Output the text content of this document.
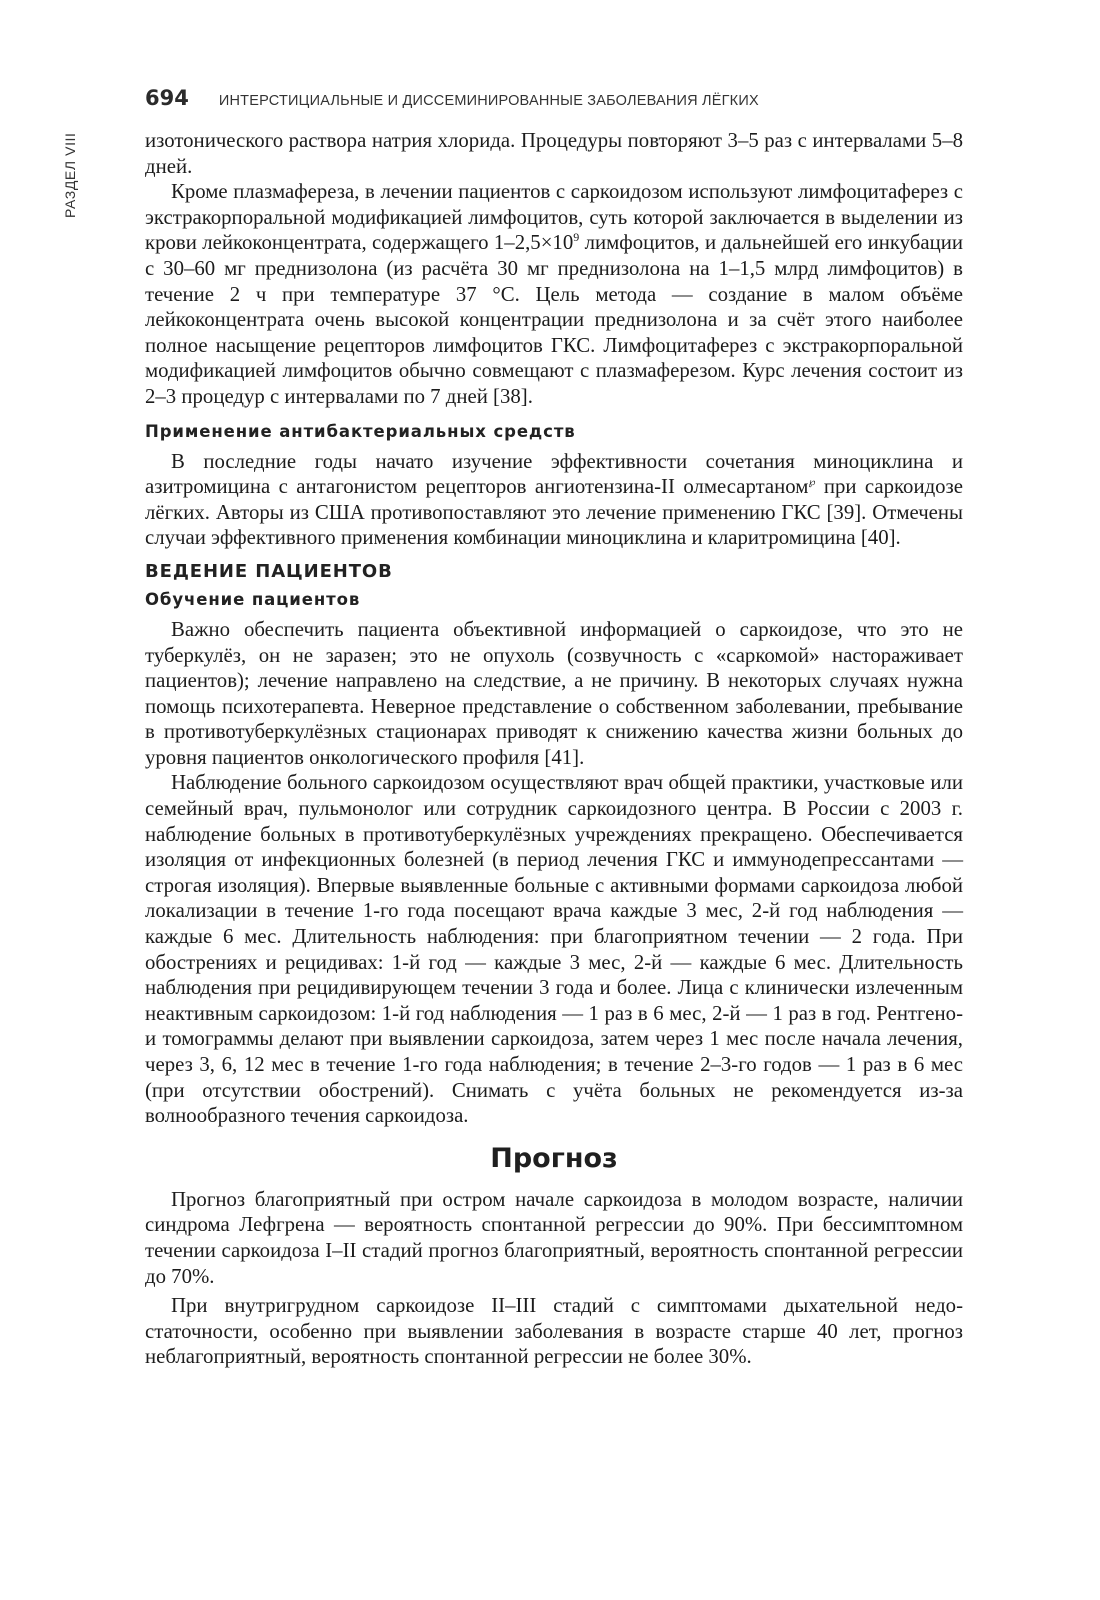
РАЗДЕЛ VIII
694 ИНТЕРСТИЦИАЛЬНЫЕ И ДИССЕМИНИРОВАННЫЕ ЗАБОЛЕВАНИЯ ЛЁГКИХ

изотонического раствора натрия хлорида. Процедуры повторяют 3–5 раз с интервалами 5–8 дней.

Кроме плазмафереза, в лечении пациентов с саркоидозом используют лимфоцитаферез с экстракорпоральной модификацией лимфоцитов, суть которой заключается в выделении из крови лейкоконцентрата, содержащего $1-2,5\times 10^9$ лимфоцитов, и дальнейшей его инкубации с 30–60 мг преднизолона (из расчёта 30 мг преднизолона на 1–1,5 млрд лимфоцитов) в течение 2 ч при температуре 37 °С. Цель метода — создание в малом объёме лейкоконцентрата очень высокой концентрации преднизолона и за счёт этого наиболее полное насыщение рецепторов лимфоцитов ГКС. Лимфоцитаферез с экстракорпоральной модификацией лимфоцитов обычно совмещают с плазмаферезом. Курс лечения состоит из 2–3 процедур с интервалами по 7 дней [38].

Применение антибактериальных средств

В последние годы начато изучение эффективности сочетания миноциклина и азитромицина с антагонистом рецепторов ангиотензина-II олмесартаном℘ при саркоидозе лёгких. Авторы из США противопоставляют это лечение применению ГКС [39]. Отмечены случаи эффективного применения комбинации миноциклина и кларитромицина [40].

ВЕДЕНИЕ ПАЦИЕНТОВ
Обучение пациентов

Важно обеспечить пациента объективной информацией о саркоидозе, что это не туберкулёз, он не заразен; это не опухоль (созвучность с «саркомой» настораживает пациентов); лечение направлено на следствие, а не причину. В некоторых случаях нужна помощь психотерапевта. Неверное представление о собственном заболевании, пребывание в противотуберкулёзных стационарах приводят к снижению качества жизни больных до уровня пациентов онкологического профиля [41].

Наблюдение больного саркоидозом осуществляют врач общей практики, участковые или семейный врач, пульмонолог или сотрудник саркоидозного центра. В России с 2003 г. наблюдение больных в противотуберкулёзных учреждениях прекращено. Обеспечивается изоляция от инфекционных болезней (в период лечения ГКС и иммунодепрессантами — строгая изоляция). Впервые выявленные больные с активными формами саркоидоза любой локализации в течение 1-го года посещают врача каждые 3 мес, 2-й год наблюдения — каждые 6 мес. Длительность наблюдения: при благоприятном течении — 2 года. При обострениях и рецидивах: 1-й год — каждые 3 мес, 2-й — каждые 6 мес. Длительность наблюдения при рецидивирующем течении 3 года и более. Лица с клинически излеченным неактивным саркоидозом: 1-й год наблюдения — 1 раз в 6 мес, 2-й — 1 раз в год. Рентгено- и томограммы делают при выявлении саркоидоза, затем через 1 мес после начала лечения, через 3, 6, 12 мес в течение 1-го года наблюдения; в течение 2–3-го годов — 1 раз в 6 мес (при отсутствии обострений). Снимать с учёта больных не рекомендуется из-за волнообразного течения саркоидоза.

Прогноз

Прогноз благоприятный при остром начале саркоидоза в молодом возрасте, наличии синдрома Лефгрена — вероятность спонтанной регрессии до 90%. При бессимптомном течении саркоидоза I–II стадий прогноз благоприятный, вероятность спонтанной регрессии до 70%.

При внутригрудном саркоидозе II–III стадий с симптомами дыхательной недостаточности, особенно при выявлении заболевания в возрасте старше 40 лет, прогноз неблагоприятный, вероятность спонтанной регрессии не более 30%.
